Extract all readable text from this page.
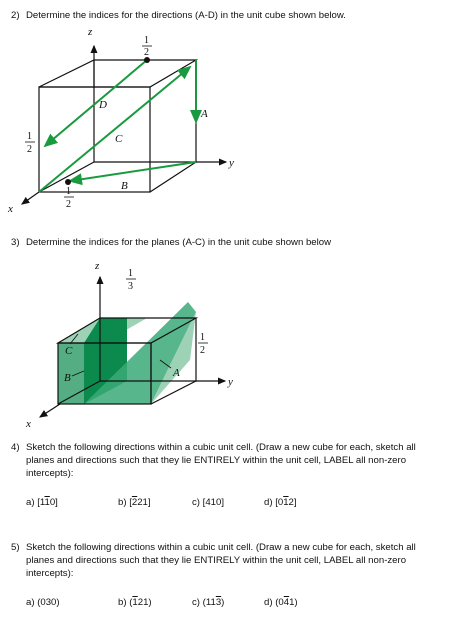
2) Determine the indices for the directions (A-D) in the unit cube shown below.
z
y
x
A
B
C
D
1
2
1
2
1
2
3) Determine the indices for the planes (A-C) in the unit cube shown below
z
y
x
C
B	A
1
3
1
2
4) Sketch the following directions within a cubic unit cell. (Draw a new cube for each, sketch all planes and directions such that they lie ENTIRELY within the unit cell, LABEL all non-zero intercepts):
a) [110]	b) [221]	c) [410]	d) [012]
5) Sketch the following directions within a cubic unit cell. (Draw a new cube for each, sketch all planes and directions such that they lie ENTIRELY within the unit cell, LABEL all non-zero intercepts):
a) (030)	b) (121)	c) (113)	d) (041)
